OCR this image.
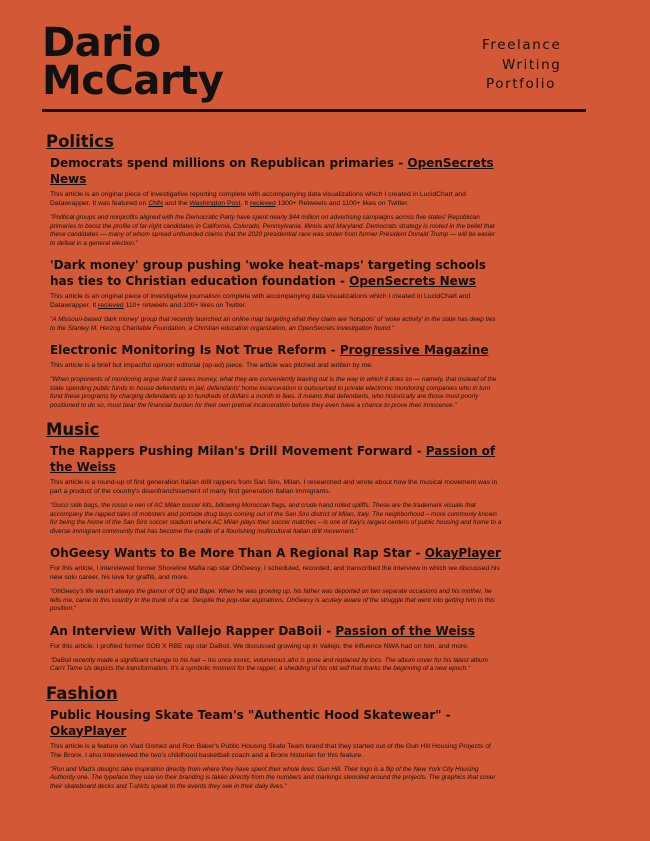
Dario
McCarty
Freelance
Writing
Portfolio
Politics
Democrats spend millions on Republican primaries - OpenSecrets News
This article is an original piece of investigative reporting complete with accompanying data visualizations which I created in LucidChart and Datawrapper. It was featured on CNN and the Washington Post. It recieved 1300+ Retweets and 1100+ likes on Twitter.
"Political groups and nonprofits aligned with the Democratic Party have spent nearly $44 million on advertising campaigns across five states' Republican primaries to boost the profile of far-right candidates in California, Colorado, Pennsylvania, Illinois and Maryland. Democrats strategy is rooted in the belief that these candidates — many of whom spread unfounded claims that the 2020 presidential race was stolen from former President Donald Trump — will be easier to defeat in a general election."
'Dark money' group pushing 'woke heat-maps' targeting schools has ties to Christian education foundation - OpenSecrets News
This article is an original piece of investigative journalism complete with accompanying data visualizations which I created in LucidChart and Datawrapper. It recieved 110+ retweets and 100+ likes on Twitter.
"A Missouri-based 'dark money' group that recently launched an online map targeting what they claim are 'hotspots' of 'woke activity' in the state has deep ties to the Stanley M. Herzog Charitable Foundation, a Christian education organization, an OpenSecrets investigation found."
Electronic Monitoring Is Not True Reform - Progressive Magazine
This article is a brief but impactful opinion editorial (op-ed) piece. The article was pitched and written by me.
"When proponents of monitoring argue that it saves money, what they are conveniently leaving out is the way in which it does so — namely, that instead of the state spending public funds to house defendants in jail, defendants' home incarceration is outsourced to private electronic monitoring companies who in turn fund these programs by charging defendants up to hundreds of dollars a month in fees. It means that defendants, who historically are those most poorly positioned to do so, must bear the financial burden for their own pretrial incarceration before they even have a chance to prove their innocence."
Music
The Rappers Pushing Milan's Drill Movement Forward - Passion of the Weiss
This article is a round-up of first generation Italian drill rappers from San Siro, Milan. I researched and wrote about how the musical movement was in part a product of the country's disenfranchisement of many first generation Italian immigrants.
"Gucci side bags, the rosso e neri of AC Milan soccer kits, billowing Moroccan flags, and crude hand rolled spliffs. These are the trademark visuals that accompany the rapped tales of mobsters and portside drug buys coming out of the San Siro district of Milan, Italy. The neighborhood – more commonly known for being the home of the San Siro soccer stadium where AC Milan plays their soccer matches – is one of Italy's largest centers of public housing and home to a diverse immigrant community that has become the cradle of a flourishing multicultural Italian drill movement."
OhGeesy Wants to Be More Than A Regional Rap Star - OkayPlayer
For this article, I interviewed former Shoreline Mafia rap star OhGeesy. I scheduled, recorded, and transcribed the interview in which we discussed his new solo career, his love for graffiti, and more.
"OhGeesy's life wasn't always the glamor of GQ and Bape. When he was growing up, his father was deported on two separate occasions and his mother, he tells me, came to this country in the trunk of a car. Despite the pop-star aspirations, OhGeesy is acutely aware of the struggle that went into getting him to this position."
An Interview With Vallejo Rapper DaBoii - Passion of the Weiss
For this article, I profiled former SOB X RBE rap star DaBoii. We discussed growing up in Vallejo, the influence NWA had on him, and more.
"DaBoii recently made a significant change to his hair – his once iconic, voluminous afro is gone and replaced by locs. The album cover for his latest album Can't Tame Us depicts the transformation. It's a symbolic moment for the rapper, a shedding of his old self that marks the beginning of a new epoch."
Fashion
Public Housing Skate Team's "Authentic Hood Skatewear" - OkayPlayer
This article is a feature on Vlad Gomez and Ron Baker's Public Housing Skate Team brand that they started out of the Gun Hill Housing Projects of The Bronx. I also interviewed the two's childhood basketball coach and a Bronx historian for this feature.
"Ron and Vlad's designs take inspiration directly from where they have spent their whole lives: Gun Hill. Their logo is a flip of the New York City Housing Authority one. The typeface they use on their branding is taken directly from the numbers and markings stenciled around the projects. The graphics that cover their skateboard decks and T-shirts speak to the events they see in their daily lives."
